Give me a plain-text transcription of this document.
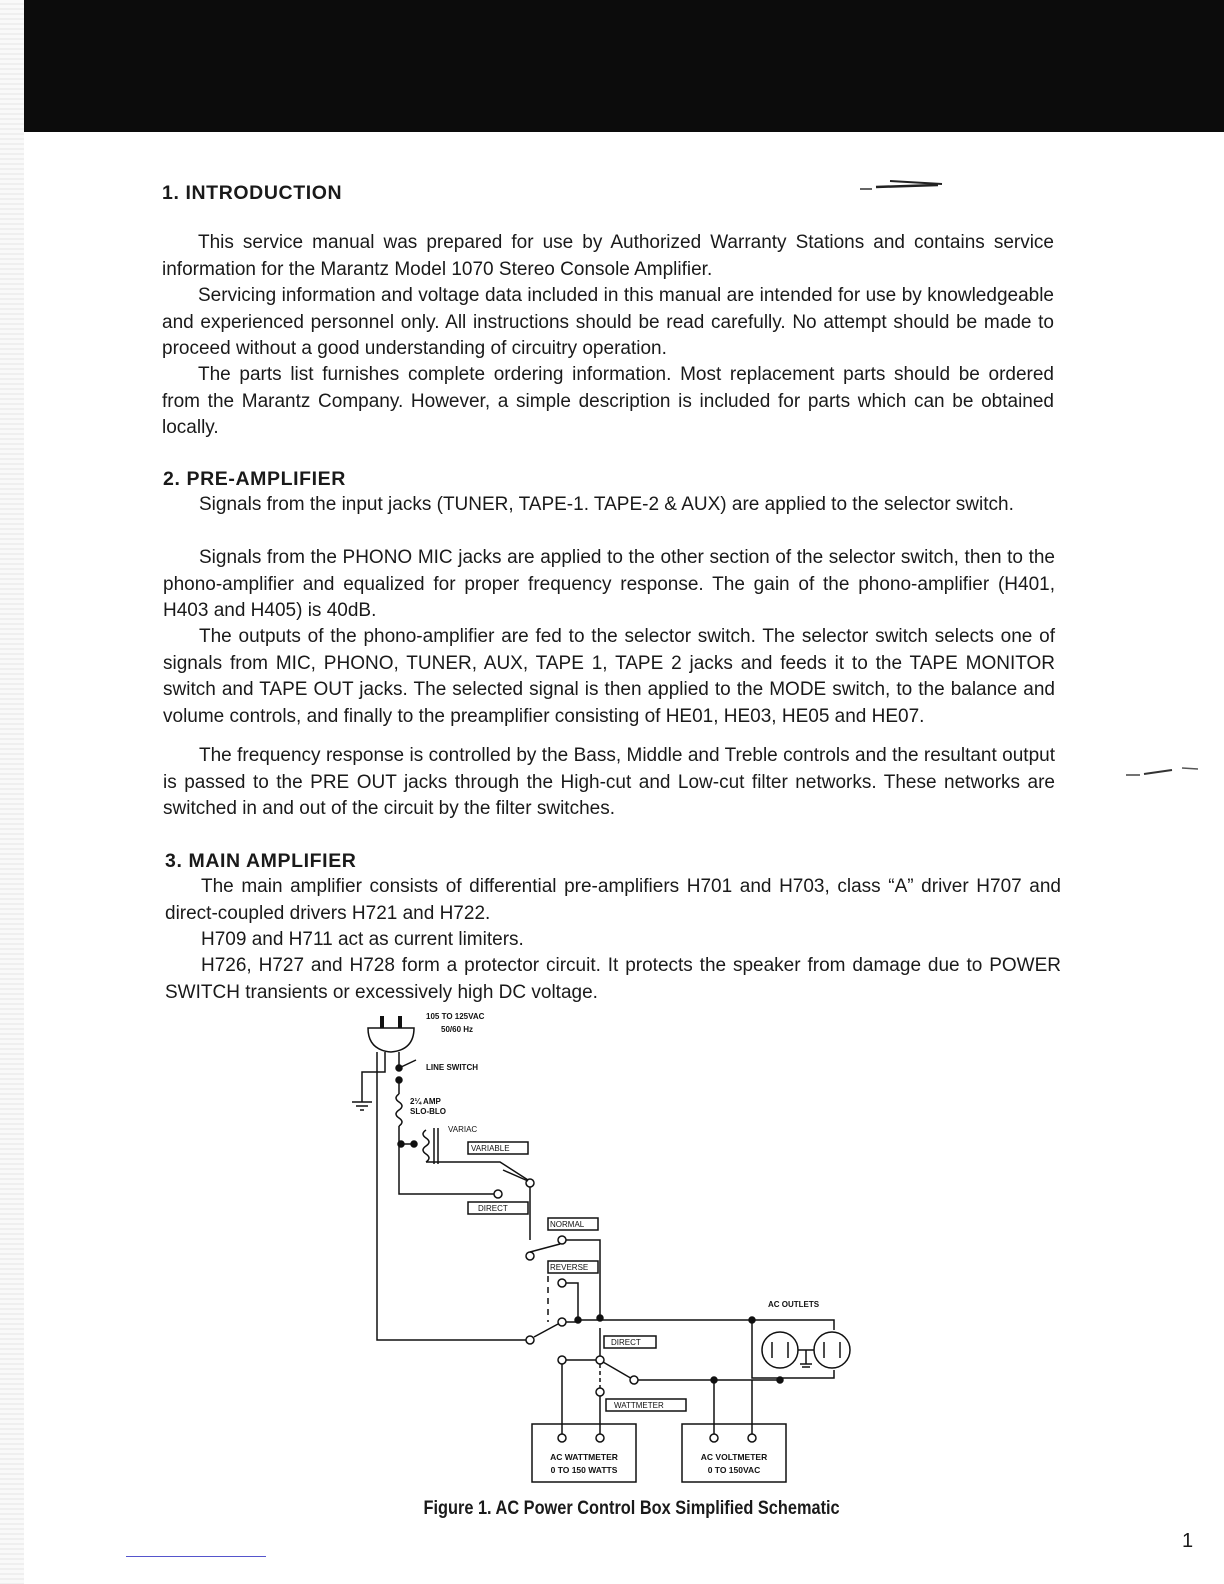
1. INTRODUCTION

This service manual was prepared for use by Authorized Warranty Stations and contains service information for the Marantz Model 1070 Stereo Console Amplifier.

Servicing information and voltage data included in this manual are intended for use by knowledgeable and experienced personnel only. All instructions should be read carefully. No attempt should be made to proceed without a good understanding of circuitry operation.

The parts list furnishes complete ordering information. Most replacement parts should be ordered from the Marantz Company. However, a simple description is included for parts which can be obtained locally.

2. PRE-AMPLIFIER

Signals from the input jacks (TUNER, TAPE-1. TAPE-2 & AUX) are applied to the selector switch.

Signals from the PHONO MIC jacks are applied to the other section of the selector switch, then to the phono-amplifier and equalized for proper frequency response. The gain of the phono-amplifier (H401, H403 and H405) is 40dB.

The outputs of the phono-amplifier are fed to the selector switch. The selector switch selects one of signals from MIC, PHONO, TUNER, AUX, TAPE 1, TAPE 2 jacks and feeds it to the TAPE MONITOR switch and TAPE OUT jacks. The selected signal is then applied to the MODE switch, to the balance and volume controls, and finally to the preamplifier consisting of HE01, HE03, HE05 and HE07.

The frequency response is controlled by the Bass, Middle and Treble controls and the resultant output is passed to the PRE OUT jacks through the High-cut and Low-cut filter networks. These networks are switched in and out of the circuit by the filter switches.

3. MAIN AMPLIFIER

The main amplifier consists of differential pre-amplifiers H701 and H703, class “A” driver H707 and direct-coupled drivers H721 and H722.

H709 and H711 act as current limiters.

H726, H727 and H728 form a protector circuit. It protects the speaker from damage due to POWER SWITCH transients or excessively high DC voltage.

105 TO 125VAC
50/60 Hz
LINE SWITCH
2¼ AMP
SLO-BLO
VARIAC
VARIABLE
DIRECT
NORMAL
REVERSE
AC OUTLETS
DIRECT
WATTMETER
AC WATTMETER
0 TO 150 WATTS
AC VOLTMETER
0 TO 150VAC

Figure 1. AC Power Control Box Simplified Schematic

1
